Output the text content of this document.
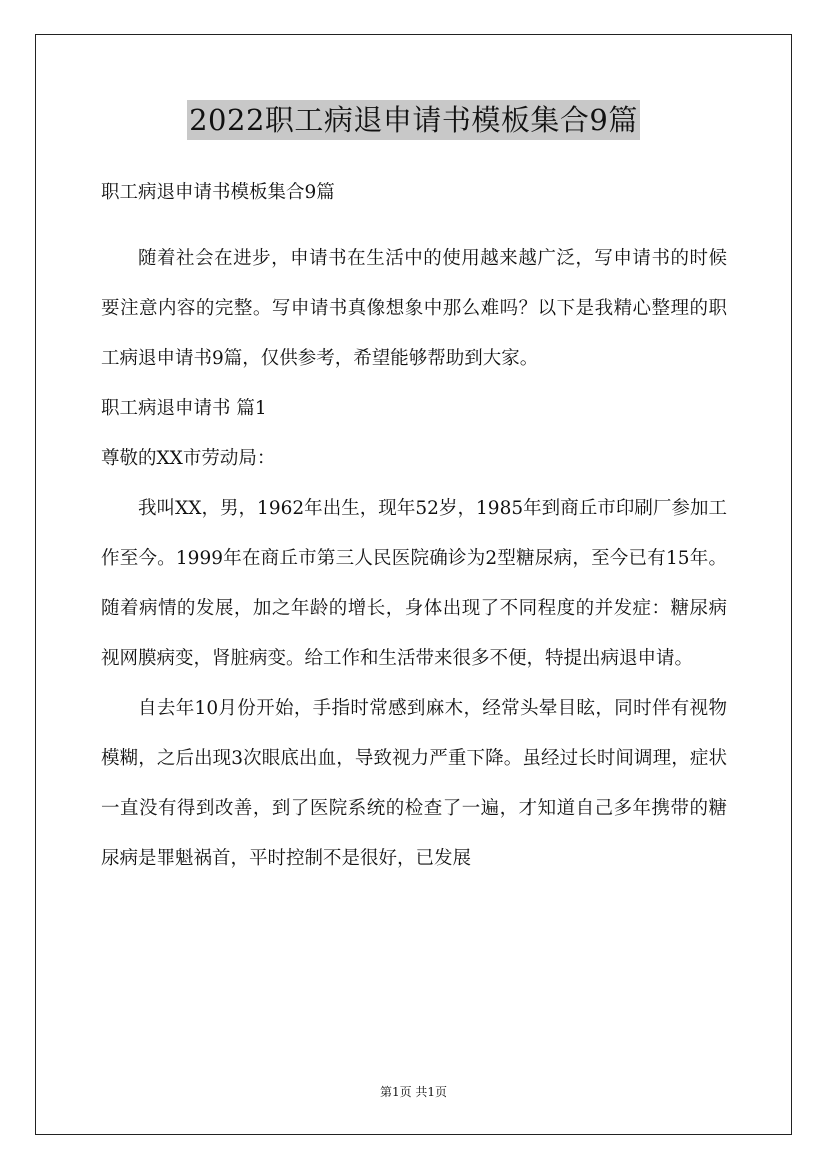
2022职工病退申请书模板集合9篇

职工病退申请书模板集合9篇

随着社会在进步，申请书在生活中的使用越来越广泛，写申请书的时候要注意内容的完整。写申请书真像想象中那么难吗？以下是我精心整理的职工病退申请书9篇，仅供参考，希望能够帮助到大家。

职工病退申请书 篇1

尊敬的XX市劳动局：

我叫XX，男，1962年出生，现年52岁，1985年到商丘市印刷厂参加工作至今。1999年在商丘市第三人民医院确诊为2型糖尿病，至今已有15年。随着病情的发展，加之年龄的增长，身体出现了不同程度的并发症：糖尿病视网膜病变，肾脏病变。给工作和生活带来很多不便，特提出病退申请。

自去年10月份开始，手指时常感到麻木，经常头晕目眩，同时伴有视物模糊，之后出现3次眼底出血，导致视力严重下降。虽经过长时间调理，症状一直没有得到改善，到了医院系统的检查了一遍，才知道自己多年携带的糖尿病是罪魁祸首，平时控制不是很好，已发展

第1页 共1页
